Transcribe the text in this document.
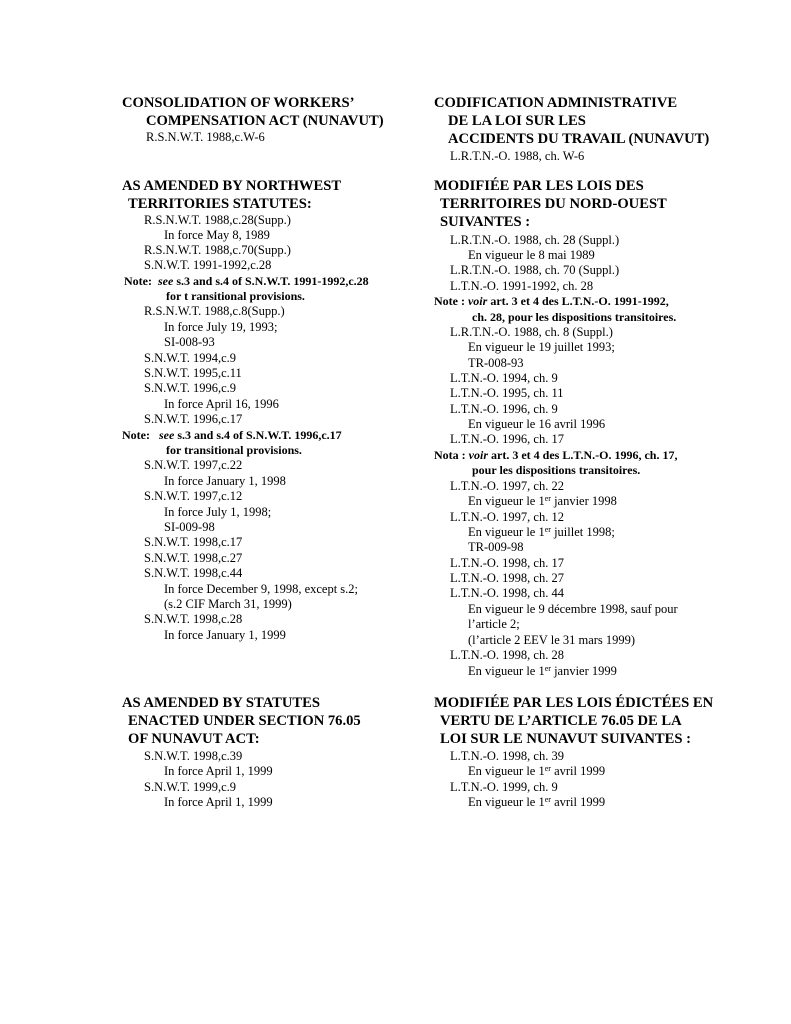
CONSOLIDATION OF WORKERS’
COMPENSATION ACT (NUNAVUT)
R.S.N.W.T. 1988,c.W-6
AS AMENDED BY NORTHWEST
TERRITORIES STATUTES:
R.S.N.W.T. 1988,c.28(Supp.)
In force May 8, 1989
R.S.N.W.T. 1988,c.70(Supp.)
S.N.W.T. 1991-1992,c.28
Note: see s.3 and s.4 of S.N.W.T. 1991-1992,c.28
for t ransitional provisions.
R.S.N.W.T. 1988,c.8(Supp.)
In force July 19, 1993;
SI-008-93
S.N.W.T. 1994,c.9
S.N.W.T. 1995,c.11
S.N.W.T. 1996,c.9
In force April 16, 1996
S.N.W.T. 1996,c.17
Note: see s.3 and s.4 of S.N.W.T. 1996,c.17
for transitional provisions.
S.N.W.T. 1997,c.22
In force January 1, 1998
S.N.W.T. 1997,c.12
In force July 1, 1998;
SI-009-98
S.N.W.T. 1998,c.17
S.N.W.T. 1998,c.27
S.N.W.T. 1998,c.44
In force December 9, 1998, except s.2;
(s.2 CIF March 31, 1999)
S.N.W.T. 1998,c.28
In force January 1, 1999
AS AMENDED BY STATUTES
ENACTED UNDER SECTION 76.05
OF NUNAVUT ACT:
S.N.W.T. 1998,c.39
In force April 1, 1999
S.N.W.T. 1999,c.9
In force April 1, 1999
CODIFICATION ADMINISTRATIVE
DE LA LOI SUR LES
ACCIDENTS DU TRAVAIL (NUNAVUT)
L.R.T.N.-O. 1988, ch. W-6
MODIFIÉE PAR LES LOIS DES
TERRITOIRES DU NORD-OUEST
SUIVANTES :
L.R.T.N.-O. 1988, ch. 28 (Suppl.)
En vigueur le 8 mai 1989
L.R.T.N.-O. 1988, ch. 70 (Suppl.)
L.T.N.-O. 1991-1992, ch. 28
Note : voir art. 3 et 4 des L.T.N.-O. 1991-1992,
ch. 28, pour les dispositions transitoires.
L.R.T.N.-O. 1988, ch. 8 (Suppl.)
En vigueur le 19 juillet 1993;
TR-008-93
L.T.N.-O. 1994, ch. 9
L.T.N.-O. 1995, ch. 11
L.T.N.-O. 1996, ch. 9
En vigueur le 16 avril 1996
L.T.N.-O. 1996, ch. 17
Nota : voir art. 3 et 4 des L.T.N.-O. 1996, ch. 17,
pour les dispositions transitoires.
L.T.N.-O. 1997, ch. 22
En vigueur le 1er janvier 1998
L.T.N.-O. 1997, ch. 12
En vigueur le 1er juillet 1998;
TR-009-98
L.T.N.-O. 1998, ch. 17
L.T.N.-O. 1998, ch. 27
L.T.N.-O. 1998, ch. 44
En vigueur le 9 décembre 1998, sauf pour
l’article 2;
(l’article 2 EEV le 31 mars 1999)
L.T.N.-O. 1998, ch. 28
En vigueur le 1er janvier 1999
MODIFIÉE PAR LES LOIS ÉDICTÉES EN
VERTU DE L’ARTICLE 76.05 DE LA
LOI SUR LE NUNAVUT SUIVANTES :
L.T.N.-O. 1998, ch. 39
En vigueur le 1er avril 1999
L.T.N.-O. 1999, ch. 9
En vigueur le 1er avril 1999
